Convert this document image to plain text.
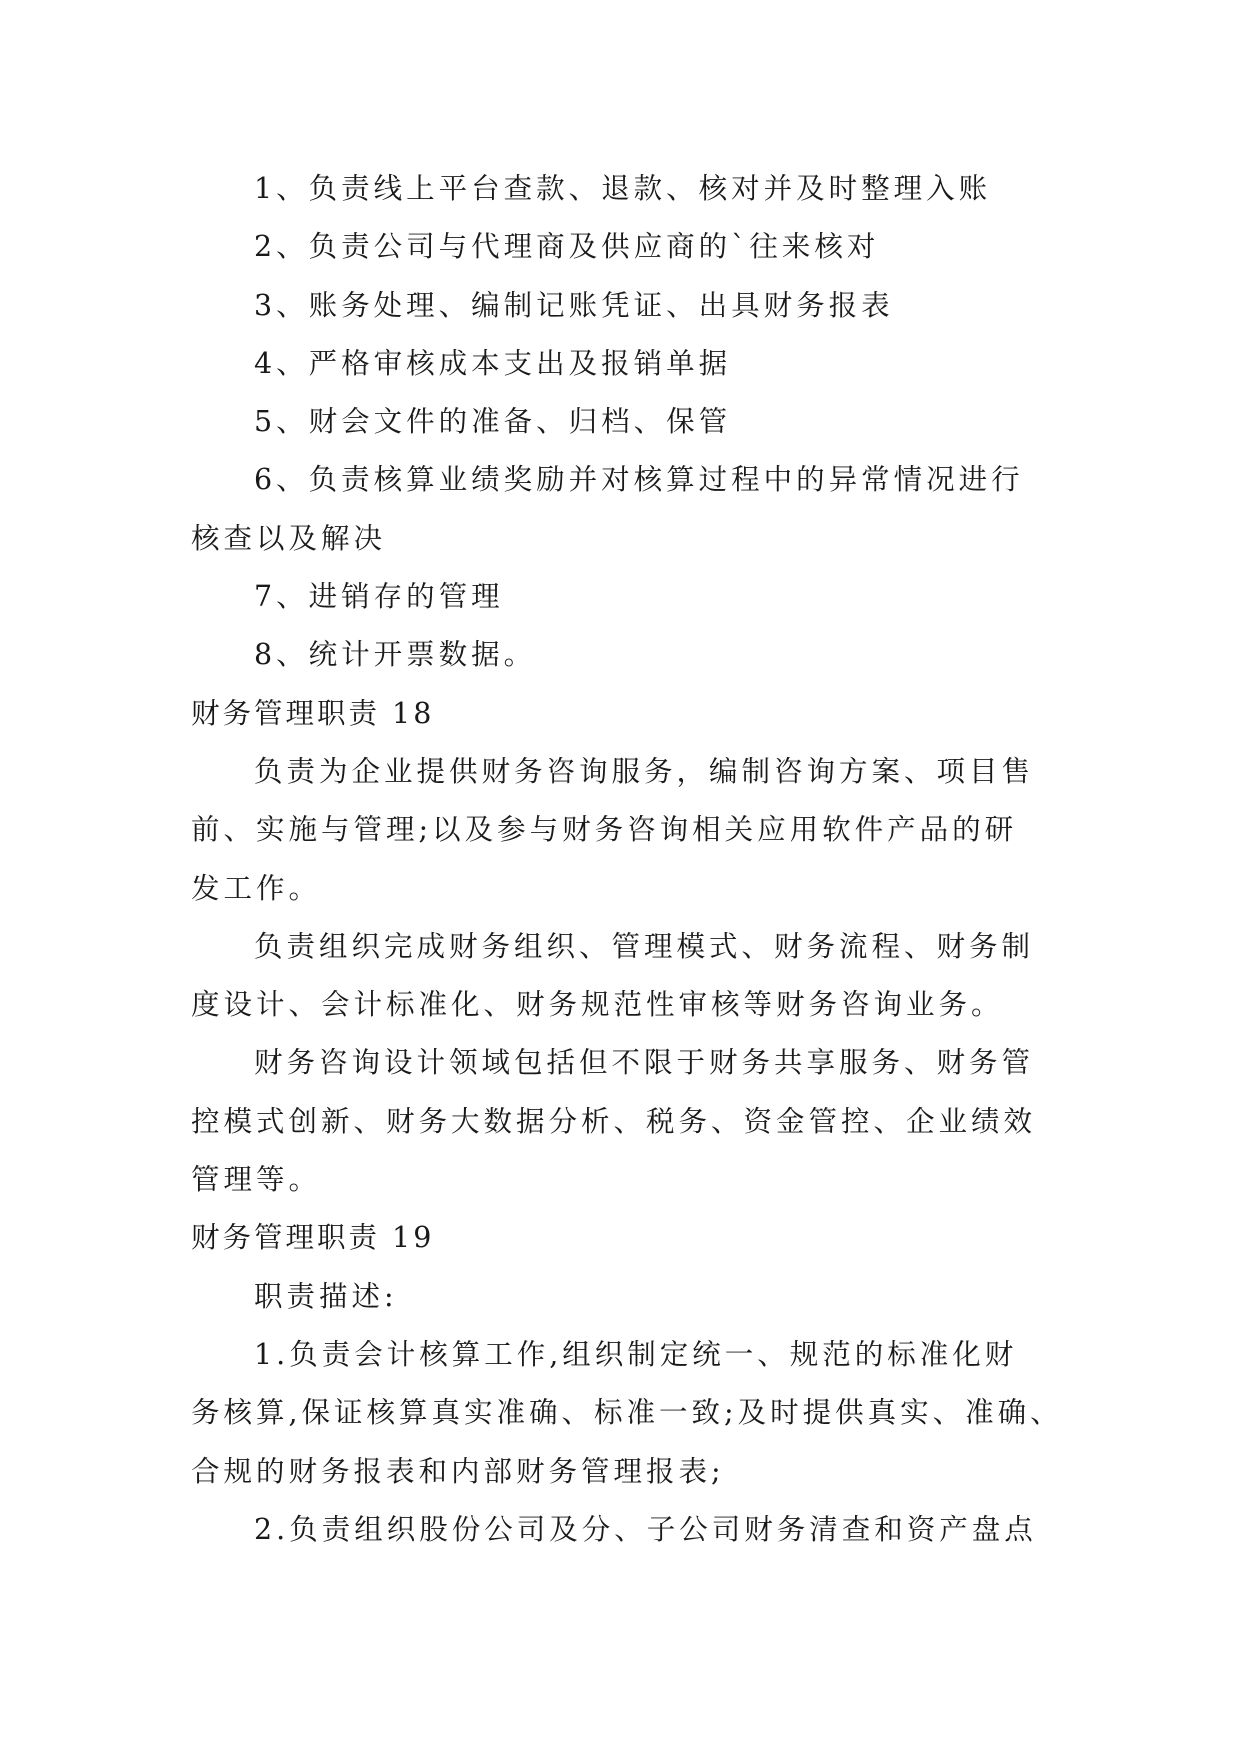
1、负责线上平台查款、退款、核对并及时整理入账

2、负责公司与代理商及供应商的`往来核对

3、账务处理、编制记账凭证、出具财务报表

4、严格审核成本支出及报销单据

5、财会文件的准备、归档、保管

6、负责核算业绩奖励并对核算过程中的异常情况进行

核查以及解决

7、进销存的管理

8、统计开票数据。

财务管理职责 18

负责为企业提供财务咨询服务，编制咨询方案、项目售

前、实施与管理;以及参与财务咨询相关应用软件产品的研

发工作。

负责组织完成财务组织、管理模式、财务流程、财务制

度设计、会计标准化、财务规范性审核等财务咨询业务。

财务咨询设计领域包括但不限于财务共享服务、财务管

控模式创新、财务大数据分析、税务、资金管控、企业绩效

管理等。

财务管理职责 19

职责描述:

1.负责会计核算工作,组织制定统一、规范的标准化财

务核算,保证核算真实准确、标准一致;及时提供真实、准确、

合规的财务报表和内部财务管理报表;

2.负责组织股份公司及分、子公司财务清查和资产盘点
